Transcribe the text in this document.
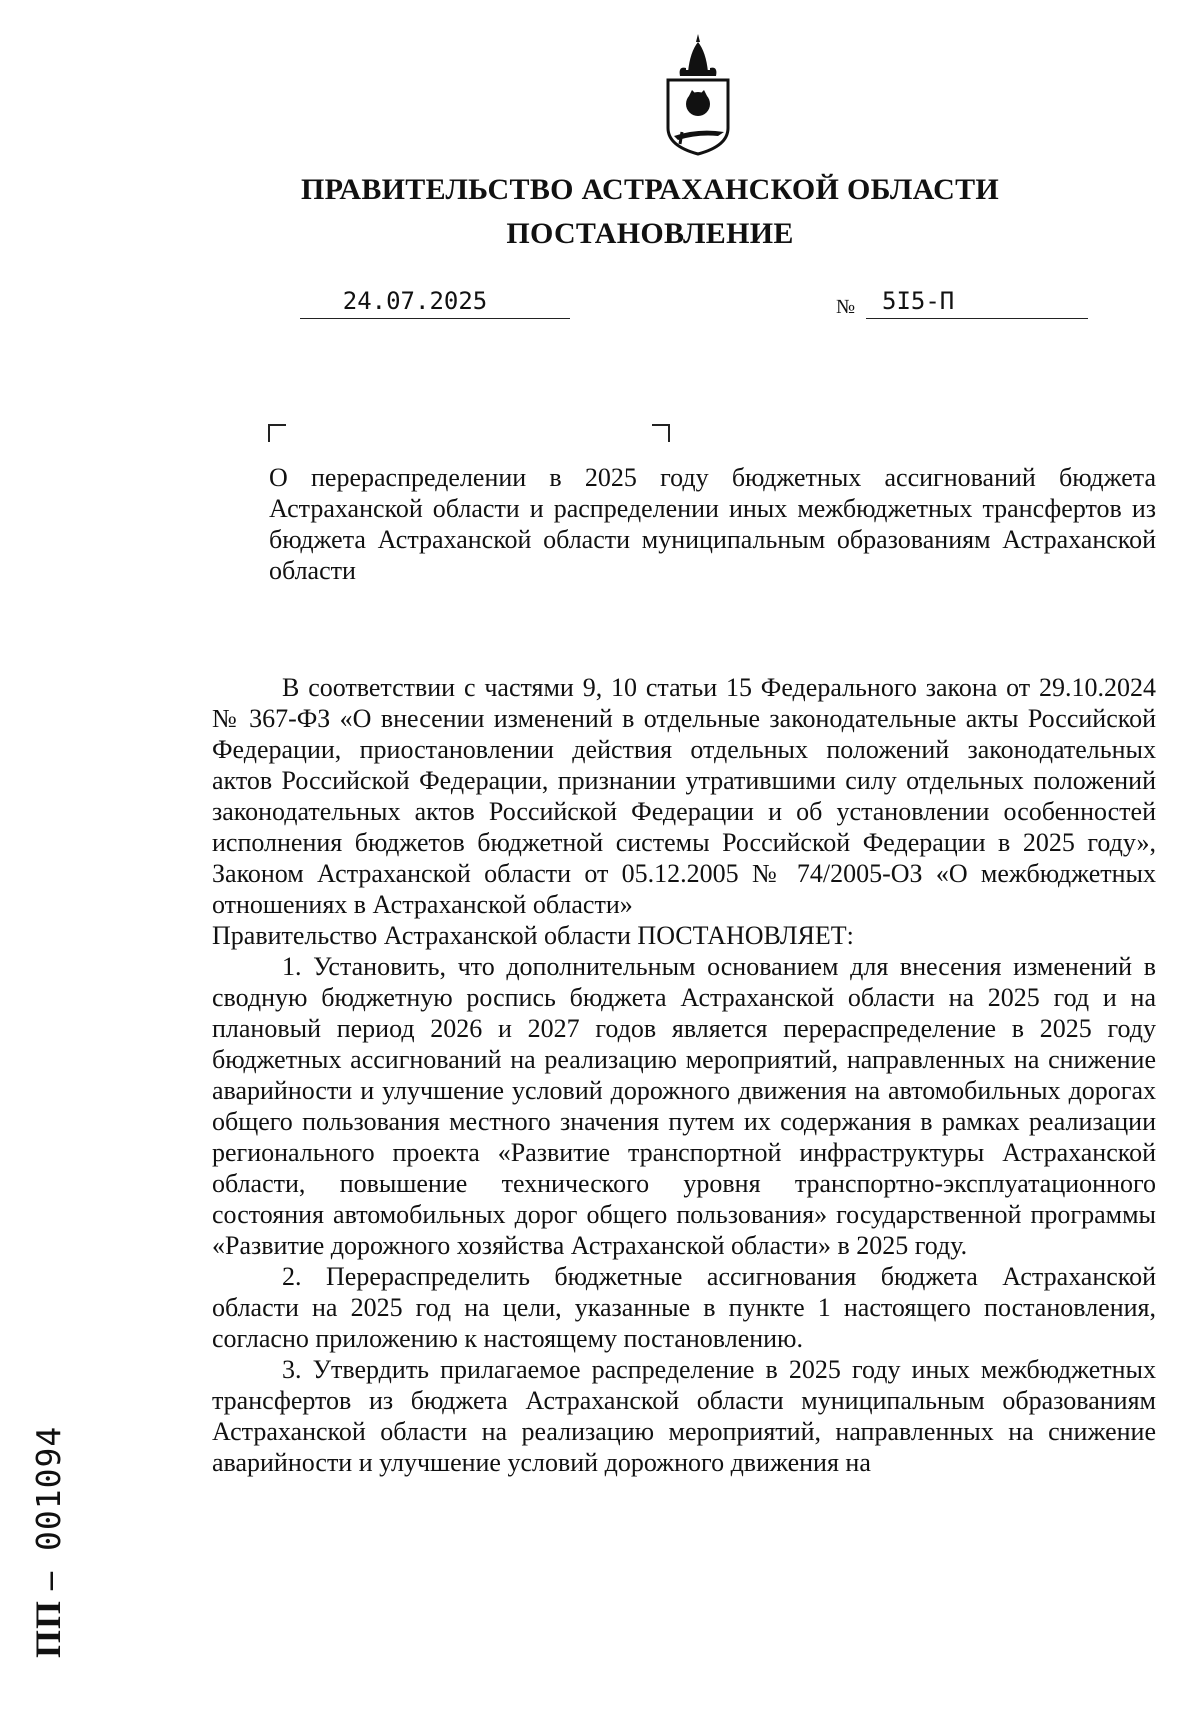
ПРАВИТЕЛЬСТВО АСТРАХАНСКОЙ ОБЛАСТИ
ПОСТАНОВЛЕНИЕ
24.07.2025	№	5I5-П
О перераспределении в 2025 году бюджетных ассигнований бюджета Астраханской области и распределении иных межбюджетных трансфертов из бюджета Астраханской области муниципальным образованиям Астраханской области

В соответствии с частями 9, 10 статьи 15 Федерального закона от 29.10.2024 № 367-ФЗ «О внесении изменений в отдельные законодательные акты Российской Федерации, приостановлении действия отдельных положений законодательных актов Российской Федерации, признании утратившими силу отдельных положений законодательных актов Российской Федерации и об установлении особенностей исполнения бюджетов бюджетной системы Российской Федерации в 2025 году», Законом Астраханской области от 05.12.2005 № 74/2005-ОЗ «О межбюджетных отношениях в Астраханской области»

Правительство Астраханской области ПОСТАНОВЛЯЕТ:

1. Установить, что дополнительным основанием для внесения изменений в сводную бюджетную роспись бюджета Астраханской области на 2025 год и на плановый период 2026 и 2027 годов является перераспределение в 2025 году бюджетных ассигнований на реализацию мероприятий, направленных на снижение аварийности и улучшение условий дорожного движения на автомобильных дорогах общего пользования местного значения путем их содержания в рамках реализации регионального проекта «Развитие транспортной инфраструктуры Астраханской области, повышение технического уровня транспортно-эксплуатационного состояния автомобильных дорог общего пользования» государственной программы «Развитие дорожного хозяйства Астраханской области» в 2025 году.

2. Перераспределить бюджетные ассигнования бюджета Астраханской области на 2025 год на цели, указанные в пункте 1 настоящего постановления, согласно приложению к настоящему постановлению.

3. Утвердить прилагаемое распределение в 2025 году иных межбюджетных трансфертов из бюджета Астраханской области муниципальным образованиям Астраханской области на реализацию мероприятий, направленных на снижение аварийности и улучшение условий дорожного движения на

ПП –001094
